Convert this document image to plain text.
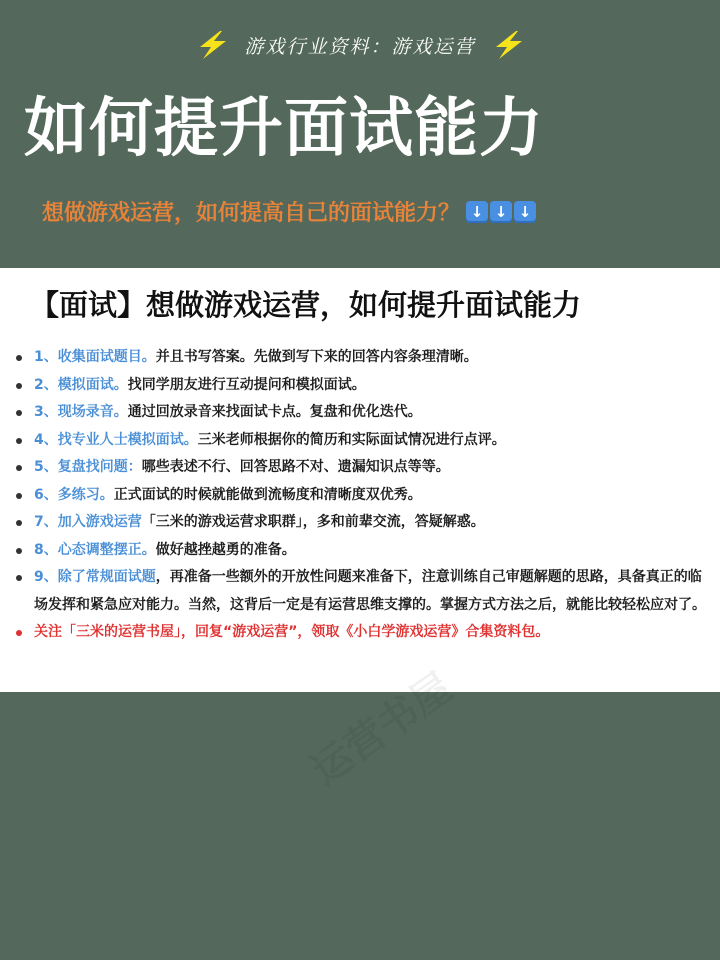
游戏行业资料：游戏运营
如何提升面试能力
想做游戏运营，如何提高自己的面试能力？ ↓ ↓ ↓
【面试】想做游戏运营，如何提升面试能力
1、收集面试题目。并且书写答案。先做到写下来的回答内容条理清晰。
2、模拟面试。找同学朋友进行互动提问和模拟面试。
3、现场录音。通过回放录音来找面试卡点。复盘和优化迭代。
4、找专业人士模拟面试。三米老师根据你的简历和实际面试情况进行点评。
5、复盘找问题：哪些表述不行、回答思路不对、遗漏知识点等等。
6、多练习。正式面试的时候就能做到流畅度和清晰度双优秀。
7、加入游戏运营「三米的游戏运营求职群」，多和前辈交流，答疑解惑。
8、心态调整摆正。做好越挫越勇的准备。
9、除了常规面试题，再准备一些额外的开放性问题来准备下，注意训练自己审题解题的思路，具备真正的临场发挥和紧急应对能力。当然，这背后一定是有运营思维支撑的。掌握方式方法之后，就能比较轻松应对了。
关注「三米的运营书屋」，回复“游戏运营”，领取《小白学游戏运营》合集资料包。
运营书屋
